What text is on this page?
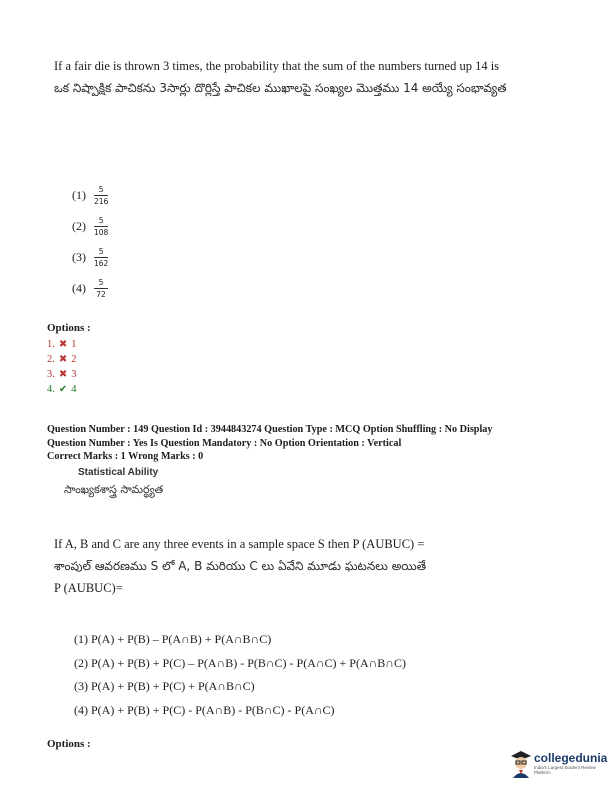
If a fair die is thrown 3 times, the probability that the sum of the numbers turned up 14 is
ఒక నిష్పాక్షిక పాచికను 3సార్లు దొర్లిస్తే పాచికల ముఖాలపై సంఖ్యల మొత్తము 14 అయ్యే సంభావ్యత
(1)	$\frac{5}{216}$
(2)	$\frac{5}{108}$
(3)	$\frac{5}{162}$
(4)	$\frac{5}{72}$
Options :
1. ✖ 1
2. ✖ 2
3. ✖ 3
4. ✔ 4
Question Number : 149 Question Id : 3944843274 Question Type : MCQ Option Shuffling : No Display
Question Number : Yes Is Question Mandatory : No Option Orientation : Vertical
Correct Marks : 1 Wrong Marks : 0
Statistical Ability
సాంఖ్యకశాస్త్ర సామర్థ్యత
If A, B and C are any three events in a sample space S then P (AUBUC) =
శాంపుల్ ఆవరణము S లో A, B మరియు C లు ఏవేని మూడు ఘటనలు అయితే
P (AUBUC)=
(1) P(A) + P(B) – P(A∩B) + P(A∩B∩C)
(2) P(A) + P(B) + P(C) – P(A∩B) - P(B∩C) - P(A∩C) + P(A∩B∩C)
(3) P(A) + P(B) + P(C) + P(A∩B∩C)
(4) P(A) + P(B) + P(C) - P(A∩B) - P(B∩C) - P(A∩C)
Options :
collegedunia
India's Largest Student Review Platform
